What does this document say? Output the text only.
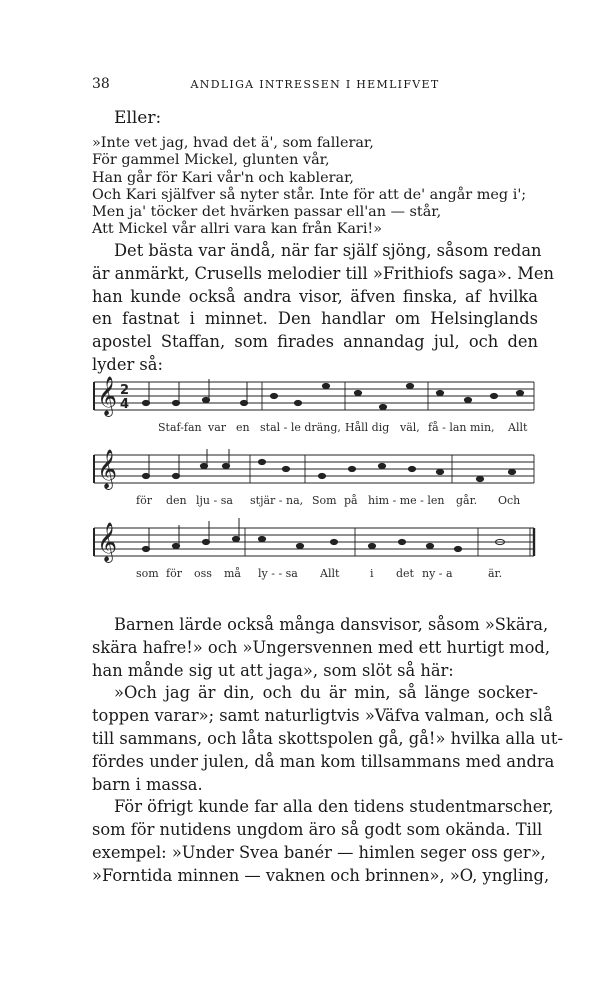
38	ANDLIGA INTRESSEN I HEMLIFVET
Eller:
»Inte vet jag, hvad det ä', som fallerar,
För gammel Mickel, glunten vår,
Han går för Kari vår'n och kablerar,
Och Kari själfver så nyter står. Inte för att de' angår meg i';
Men ja' töcker det hvärken passar ell'an — står,
Att Mickel vår allri vara kan från Kari!»
Det bästa var ändå, när far själf sjöng, såsom redan
är anmärkt, Crusells melodier till »Frithiofs saga». Men
han kunde också andra visor, äfven finska, af hvilka
en fastnat i minnet. Den handlar om Helsinglands
apostel Staffan, som firades annandag jul, och den
lyder så:
𝄞
𝄞
𝄞
2
4
Staf-fan var en stal - le dräng, Håll dig väl, få - lan min, Allt
för den lju - sa stjär - na, Som på him - me - len går. Och
som för oss må ly - - sa Allt	i det ny - a	är.
Barnen lärde också många dansvisor, såsom »Skära,
skära hafre!» och »Ungersvennen med ett hurtigt mod,
han månde sig ut att jaga», som slöt så här:
»Och jag är din, och du är min, så länge socker-
toppen varar»; samt naturligtvis »Väfva valman, och slå
till sammans, och låta skottspolen gå, gå!» hvilka alla ut-
fördes under julen, då man kom tillsammans med andra
barn i massa.
För öfrigt kunde far alla den tidens studentmarscher,
som för nutidens ungdom äro så godt som okända. Till
exempel: »Under Svea banér — himlen seger oss ger»,
»Forntida minnen — vaknen och brinnen», »O, yngling,
